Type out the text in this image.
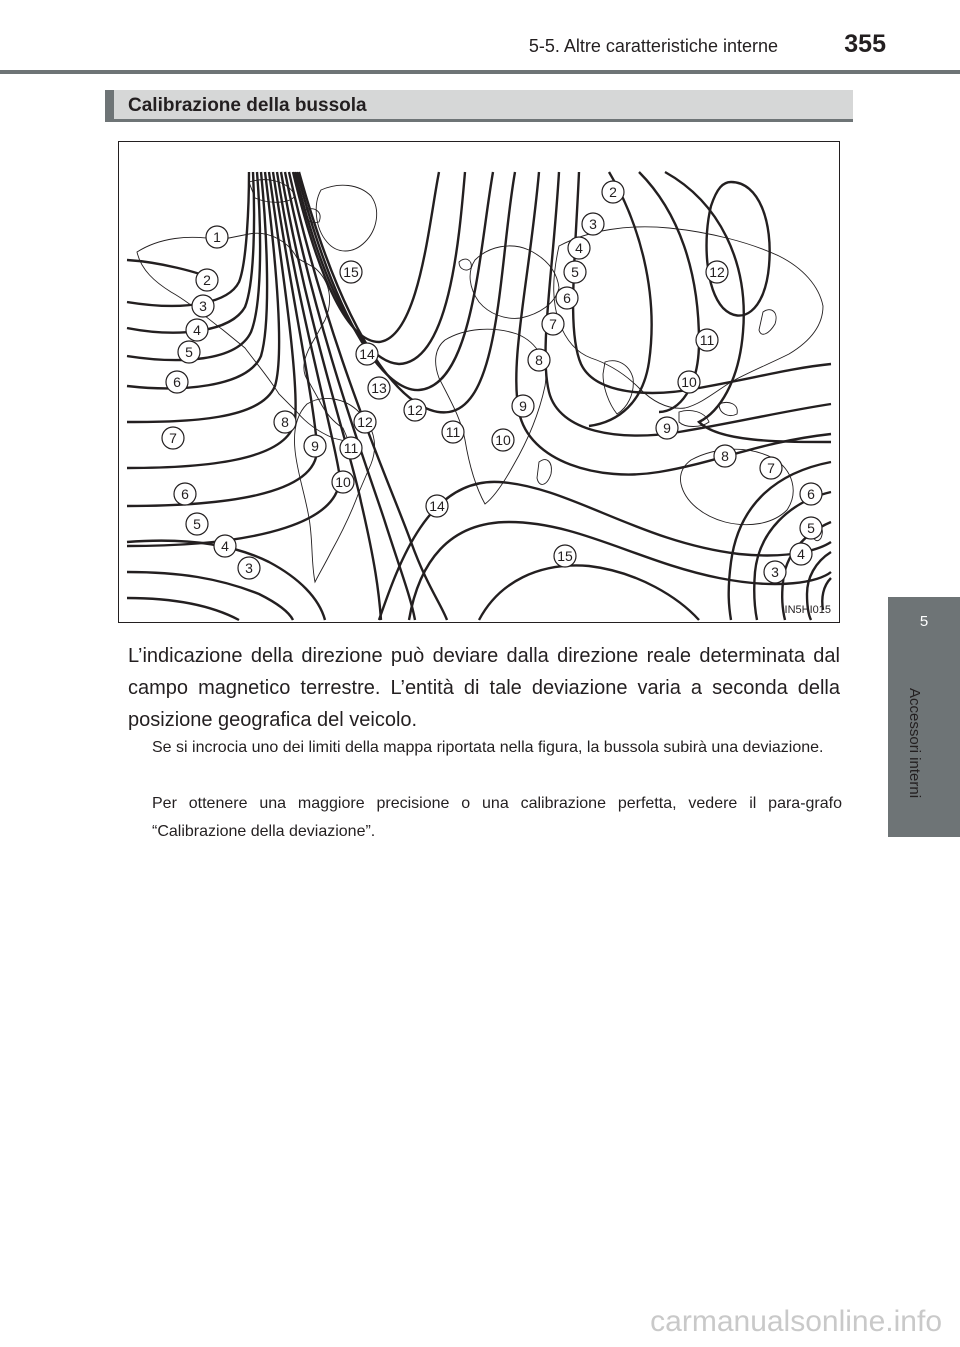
5-5. Altre caratteristiche interne	355
Calibrazione della bussola
1
2
3
4
5
6
7
6
5
4
3
8
9
10
11
12
13
14
15
15
14
12
11 10
9
8
7
6
5
4
3
2
12
11
10
9
8
7
6
5
4
3
IIN5HI015

L’indicazione della direzione può deviare dalla direzione reale determinata dal campo magnetico terrestre. L’entità di tale deviazione varia a seconda della posizione geografica del veicolo.

Se si incrocia uno dei limiti della mappa riportata nella figura, la bussola subirà una deviazione.

Per ottenere una maggiore precisione o una calibrazione perfetta, vedere il para-grafo “Calibrazione della deviazione”.

5
Accessori interni
carmanualsonline.info
